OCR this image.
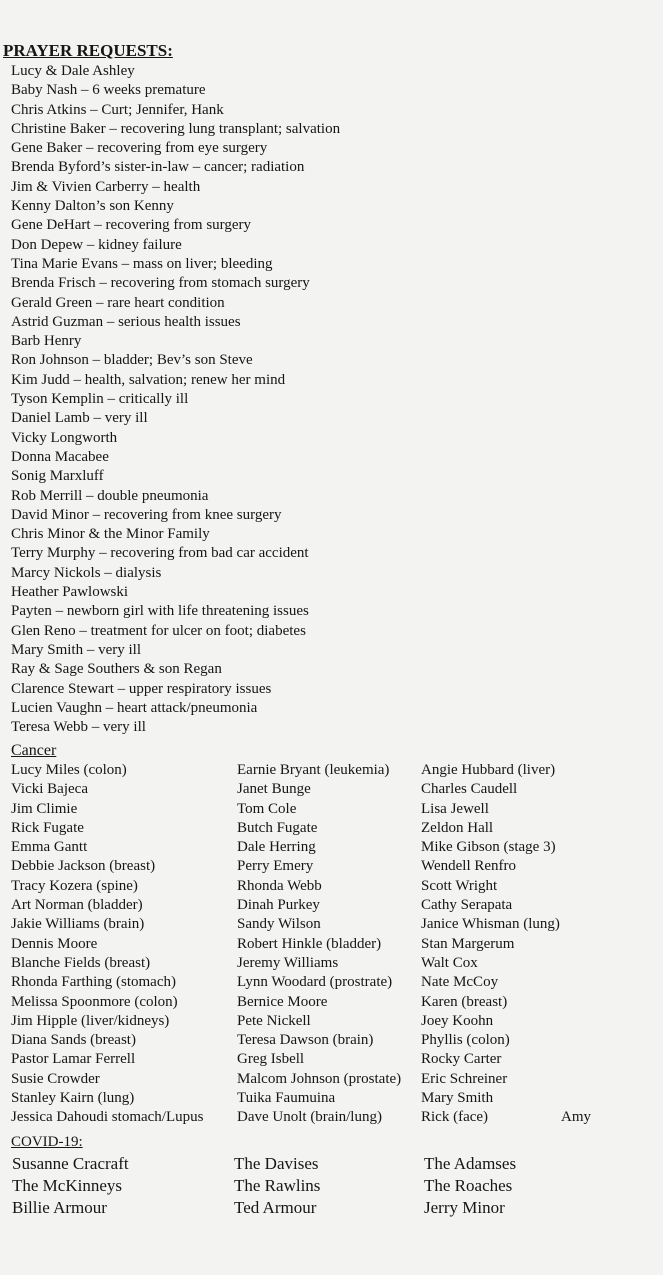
PRAYER REQUESTS:
Lucy & Dale Ashley
Baby Nash – 6 weeks premature
Chris Atkins – Curt; Jennifer, Hank
Christine Baker – recovering lung transplant; salvation
Gene Baker – recovering from eye surgery
Brenda Byford’s sister-in-law – cancer; radiation
Jim & Vivien Carberry – health
Kenny Dalton’s son Kenny
Gene DeHart – recovering from surgery
Don Depew – kidney failure
Tina Marie Evans – mass on liver; bleeding
Brenda Frisch – recovering from stomach surgery
Gerald Green – rare heart condition
Astrid Guzman – serious health issues
Barb Henry
Ron Johnson – bladder; Bev’s son Steve
Kim Judd – health, salvation; renew her mind
Tyson Kemplin – critically ill
Daniel Lamb – very ill
Vicky Longworth
Donna Macabee
Sonig Marxluff
Rob Merrill – double pneumonia
David Minor – recovering from knee surgery
Chris Minor & the Minor Family
Terry Murphy – recovering from bad car accident
Marcy Nickols – dialysis
Heather Pawlowski
Payten – newborn girl with life threatening issues
Glen Reno – treatment for ulcer on foot; diabetes
Mary Smith – very ill
Ray & Sage Southers & son Regan
Clarence Stewart – upper respiratory issues
Lucien Vaughn – heart attack/pneumonia
Teresa Webb – very ill
Cancer
Lucy Miles (colon)	Earnie Bryant (leukemia)	Angie Hubbard (liver)
Vicki Bajeca	Janet Bunge	Charles Caudell
Jim Climie	Tom Cole	Lisa Jewell
Rick Fugate	Butch Fugate	Zeldon Hall
Emma Gantt	Dale Herring	Mike Gibson (stage 3)
Debbie Jackson (breast)	Perry Emery	Wendell Renfro
Tracy Kozera (spine)	Rhonda Webb	Scott Wright
Art Norman (bladder)	Dinah Purkey	Cathy Serapata
Jakie Williams (brain)	Sandy Wilson	Janice Whisman (lung)
Dennis Moore	Robert Hinkle (bladder)	Stan Margerum
Blanche Fields (breast)	Jeremy Williams	Walt Cox
Rhonda Farthing (stomach)	Lynn Woodard (prostrate)	Nate McCoy
Melissa Spoonmore (colon)	Bernice Moore	Karen (breast)
Jim Hipple (liver/kidneys)	Pete Nickell	Joey Koohn
Diana Sands (breast)	Teresa Dawson (brain)	Phyllis (colon)
Pastor Lamar Ferrell	Greg Isbell	Rocky Carter
Susie Crowder	Malcom Johnson (prostate)	Eric Schreiner
Stanley Kairn (lung)	Tuika Faumuina	Mary Smith
Jessica Dahoudi stomach/Lupus	Dave Unolt (brain/lung)	Rick (face)	Amy
COVID-19:
Susanne Cracraft	The Davises	The Adamses
The McKinneys	The Rawlins	The Roaches
Billie Armour	Ted Armour	Jerry Minor
